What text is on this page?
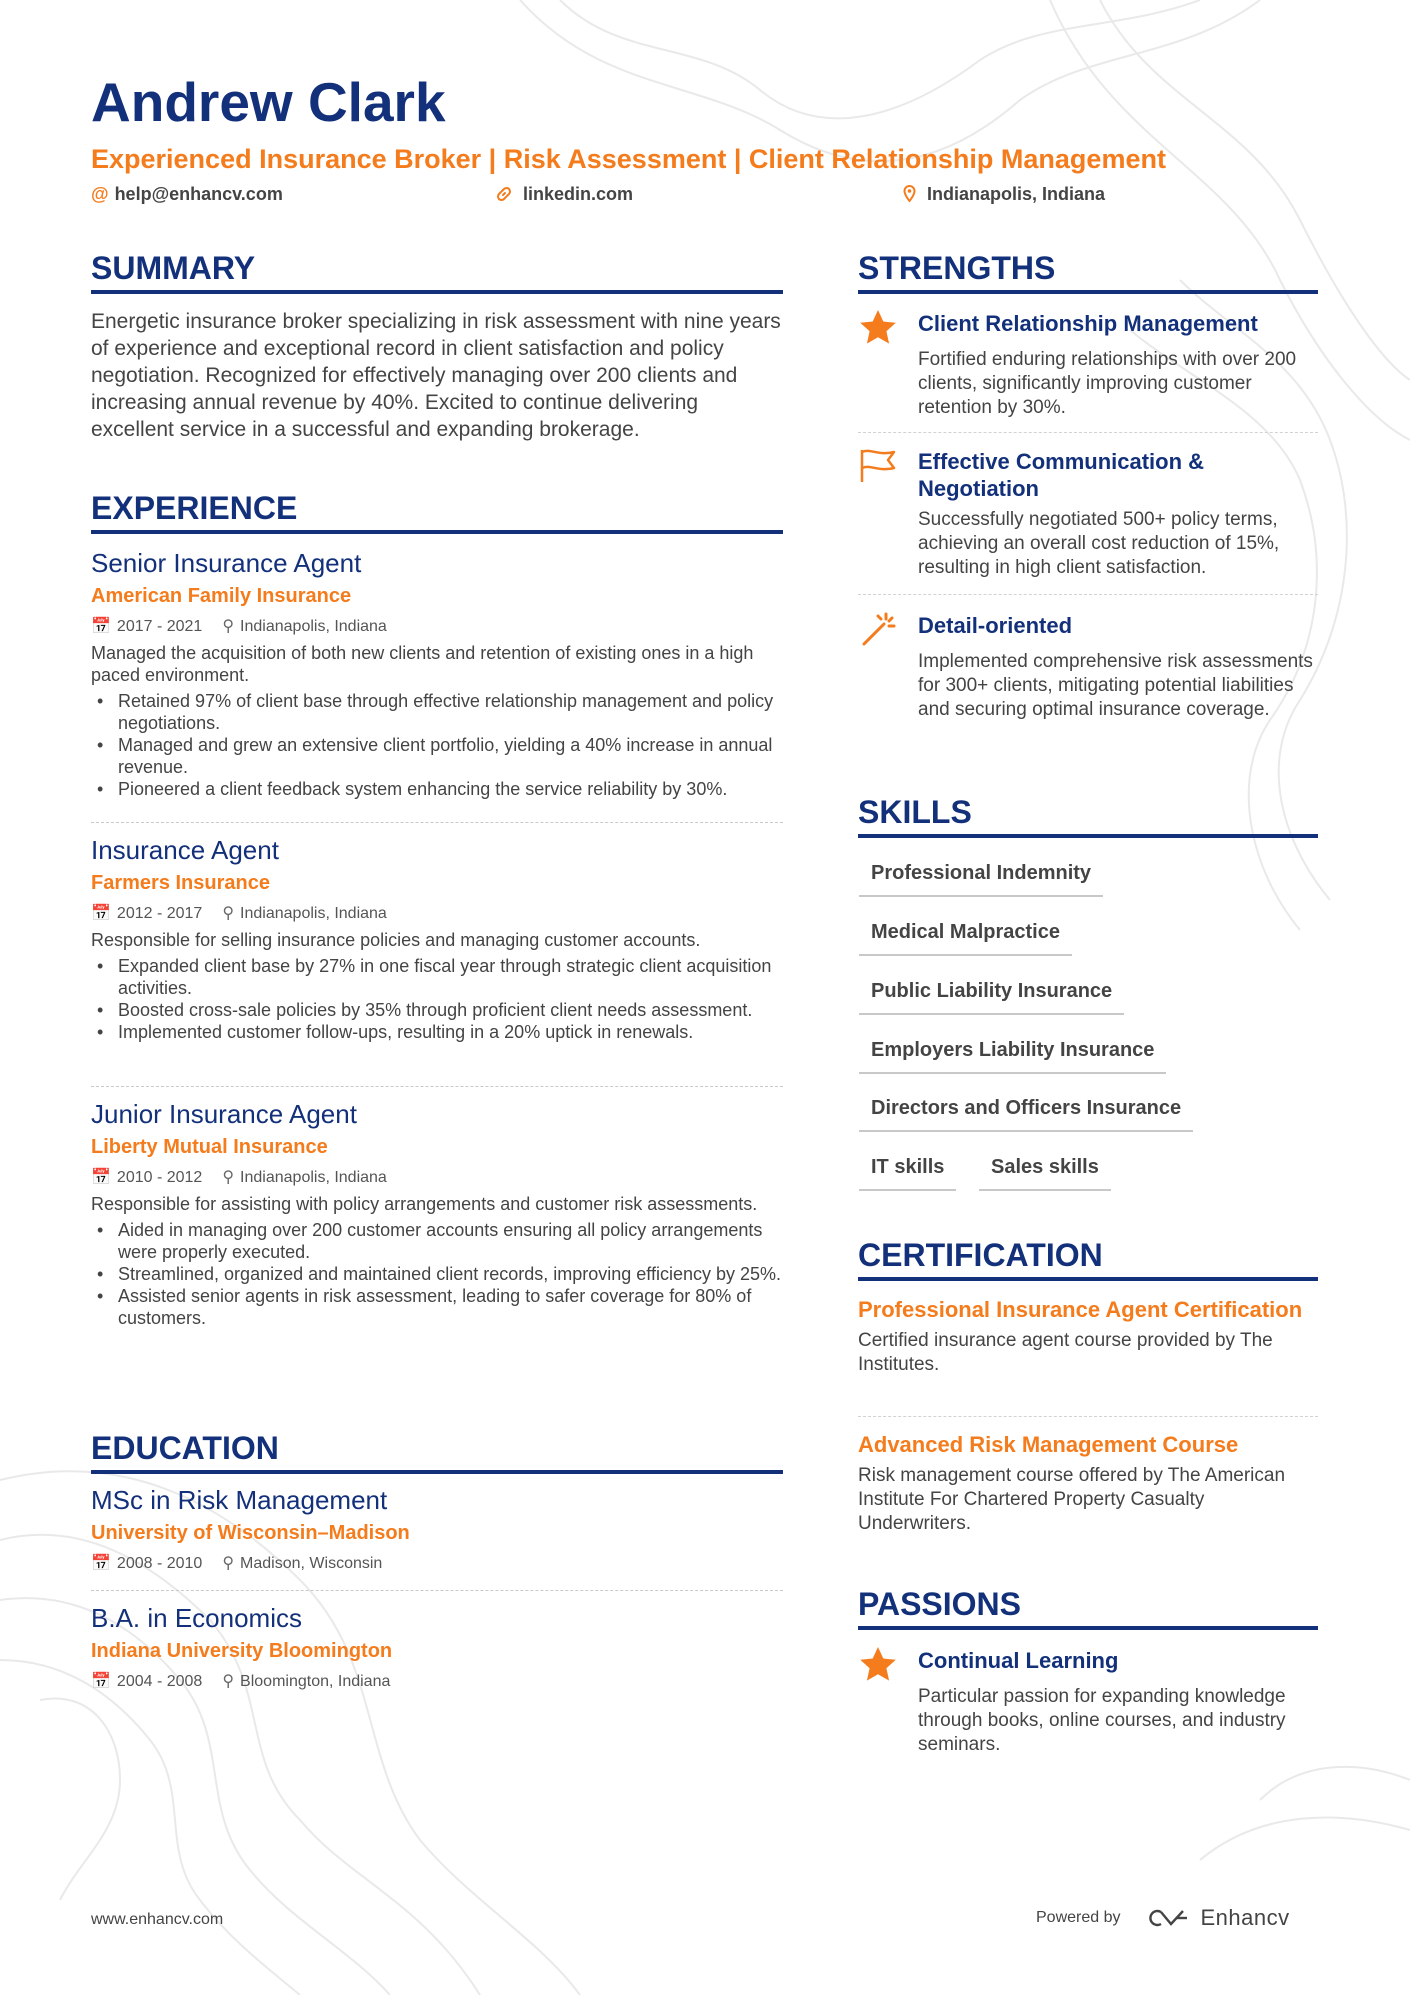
Andrew Clark
Experienced Insurance Broker | Risk Assessment | Client Relationship Management
@ help@enhancv.com	linkedin.com	Indianapolis, Indiana
SUMMARY

Energetic insurance broker specializing in risk assessment with nine years of experience and exceptional record in client satisfaction and policy negotiation. Recognized for effectively managing over 200 clients and increasing annual revenue by 40%. Excited to continue delivering excellent service in a successful and expanding brokerage.

EXPERIENCE

Senior Insurance Agent

American Family Insurance

📅 2017 - 2021 ⚲ Indianapolis, Indiana

Managed the acquisition of both new clients and retention of existing ones in a high paced environment.

• Retained 97% of client base through effective relationship management and policy negotiations.
• Managed and grew an extensive client portfolio, yielding a 40% increase in annual revenue.
• Pioneered a client feedback system enhancing the service reliability by 30%.

Insurance Agent

Farmers Insurance

📅 2012 - 2017 ⚲ Indianapolis, Indiana

Responsible for selling insurance policies and managing customer accounts.

• Expanded client base by 27% in one fiscal year through strategic client acquisition activities.
• Boosted cross-sale policies by 35% through proficient client needs assessment.
• Implemented customer follow-ups, resulting in a 20% uptick in renewals.

Junior Insurance Agent

Liberty Mutual Insurance

📅 2010 - 2012 ⚲ Indianapolis, Indiana

Responsible for assisting with policy arrangements and customer risk assessments.

• Aided in managing over 200 customer accounts ensuring all policy arrangements were properly executed.
• Streamlined, organized and maintained client records, improving efficiency by 25%.
• Assisted senior agents in risk assessment, leading to safer coverage for 80% of customers.
EDUCATION

MSc in Risk Management

University of Wisconsin–Madison

📅 2008 - 2010 ⚲ Madison, Wisconsin

B.A. in Economics

Indiana University Bloomington

📅 2004 - 2008 ⚲ Bloomington, Indiana

STRENGTHS

Client Relationship Management

Fortified enduring relationships with over 200 clients, significantly improving customer retention by 30%.

Effective Communication & Negotiation

Successfully negotiated 500+ policy terms, achieving an overall cost reduction of 15%, resulting in high client satisfaction.

Detail-oriented

Implemented comprehensive risk assessments for 300+ clients, mitigating potential liabilities and securing optimal insurance coverage.

SKILLS
Professional Indemnity
Medical Malpractice
Public Liability Insurance
Employers Liability Insurance
Directors and Officers Insurance
IT skills	Sales skills
CERTIFICATION

Professional Insurance Agent Certification

Certified insurance agent course provided by The Institutes.

Advanced Risk Management Course

Risk management course offered by The American Institute For Chartered Property Casualty Underwriters.

PASSIONS

Continual Learning

Particular passion for expanding knowledge through books, online courses, and industry seminars.

www.enhancv.com	Powered by	Enhancv
